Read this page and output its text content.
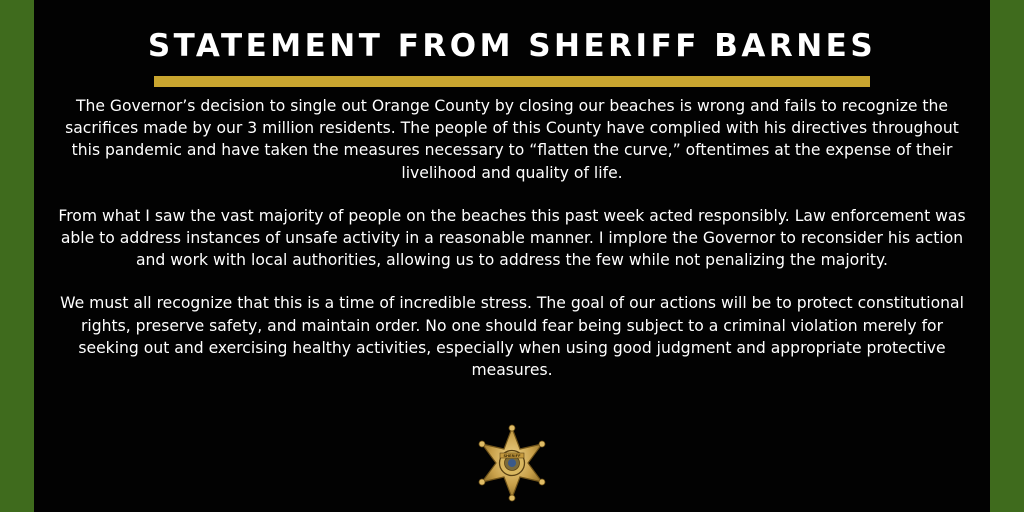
STATEMENT FROM SHERIFF BARNES

The Governor’s decision to single out Orange County by closing our beaches is wrong and fails to recognize the sacrifices made by our 3 million residents. The people of this County have complied with his directives throughout this pandemic and have taken the measures necessary to “flatten the curve,” oftentimes at the expense of their livelihood and quality of life.

From what I saw the vast majority of people on the beaches this past week acted responsibly. Law enforcement was able to address instances of unsafe activity in a reasonable manner. I implore the Governor to reconsider his action and work with local authorities, allowing us to address the few while not penalizing the majority.

We must all recognize that this is a time of incredible stress. The goal of our actions will be to protect constitutional rights, preserve safety, and maintain order. No one should fear being subject to a criminal violation merely for seeking out and exercising healthy activities, especially when using good judgment and appropriate protective measures.

SHERIFF
